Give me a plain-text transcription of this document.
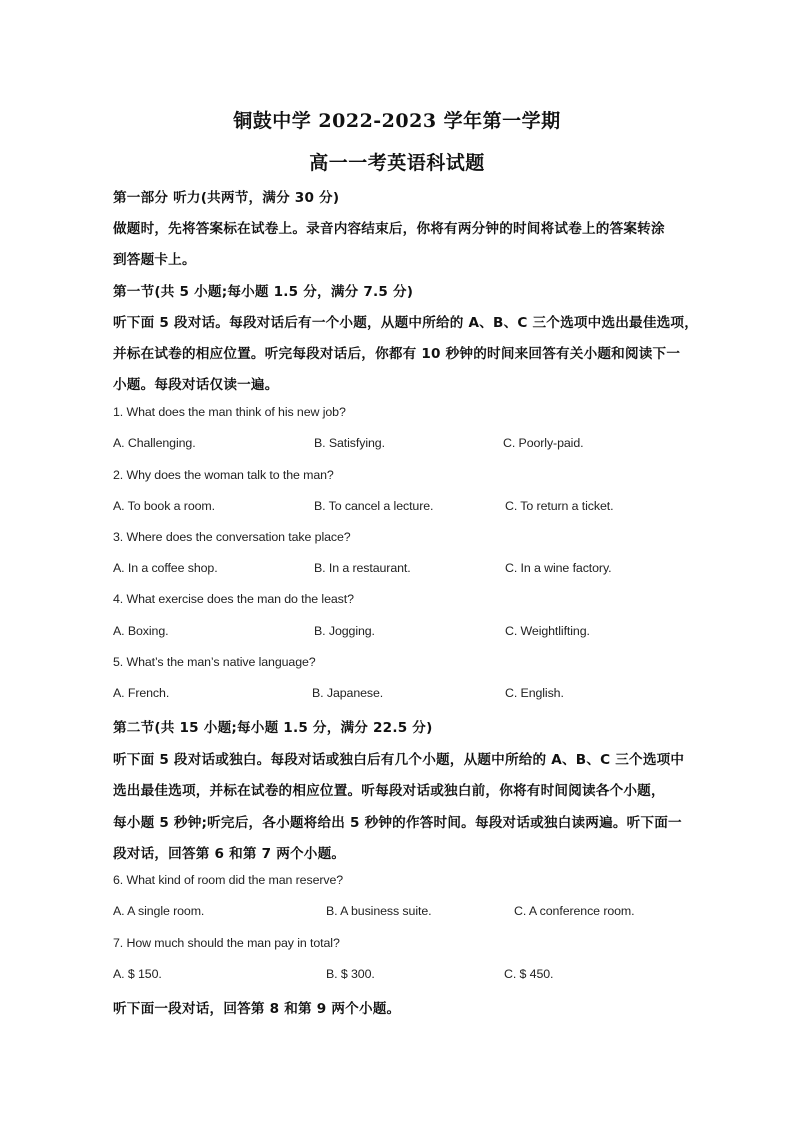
铜鼓中学 2022-2023 学年第一学期
高一一考英语科试题
第一部分 听力(共两节，满分 30 分)
做题时，先将答案标在试卷上。录音内容结束后，你将有两分钟的时间将试卷上的答案转涂
到答题卡上。
第一节(共 5 小题;每小题 1.5 分，满分 7.5 分)
听下面 5 段对话。每段对话后有一个小题，从题中所给的 A、B、C 三个选项中选出最佳选项，
并标在试卷的相应位置。听完每段对话后，你都有 10 秒钟的时间来回答有关小题和阅读下一
小题。每段对话仅读一遍。
1. What does the man think of his new job?
A. Challenging.	B. Satisfying.	C. Poorly-paid.
2. Why does the woman talk to the man?
A. To book a room.	B. To cancel a lecture.	C. To return a ticket.
3. Where does the conversation take place?
A. In a coffee shop.	B. In a restaurant.	C. In a wine factory.
4. What exercise does the man do the least?
A. Boxing.	B. Jogging.	C. Weightlifting.
5. What’s the man’s native language?
A. French.	B. Japanese.	C. English.
第二节(共 15 小题;每小题 1.5 分，满分 22.5 分)
听下面 5 段对话或独白。每段对话或独白后有几个小题，从题中所给的 A、B、C 三个选项中
选出最佳选项，并标在试卷的相应位置。听每段对话或独白前，你将有时间阅读各个小题，
每小题 5 秒钟;听完后，各小题将给出 5 秒钟的作答时间。每段对话或独白读两遍。听下面一
段对话，回答第 6 和第 7 两个小题。
6. What kind of room did the man reserve?
A. A single room.	B. A business suite.	C. A conference room.
7. How much should the man pay in total?
A. $ 150.	B. $ 300.	C. $ 450.
听下面一段对话，回答第 8 和第 9 两个小题。
